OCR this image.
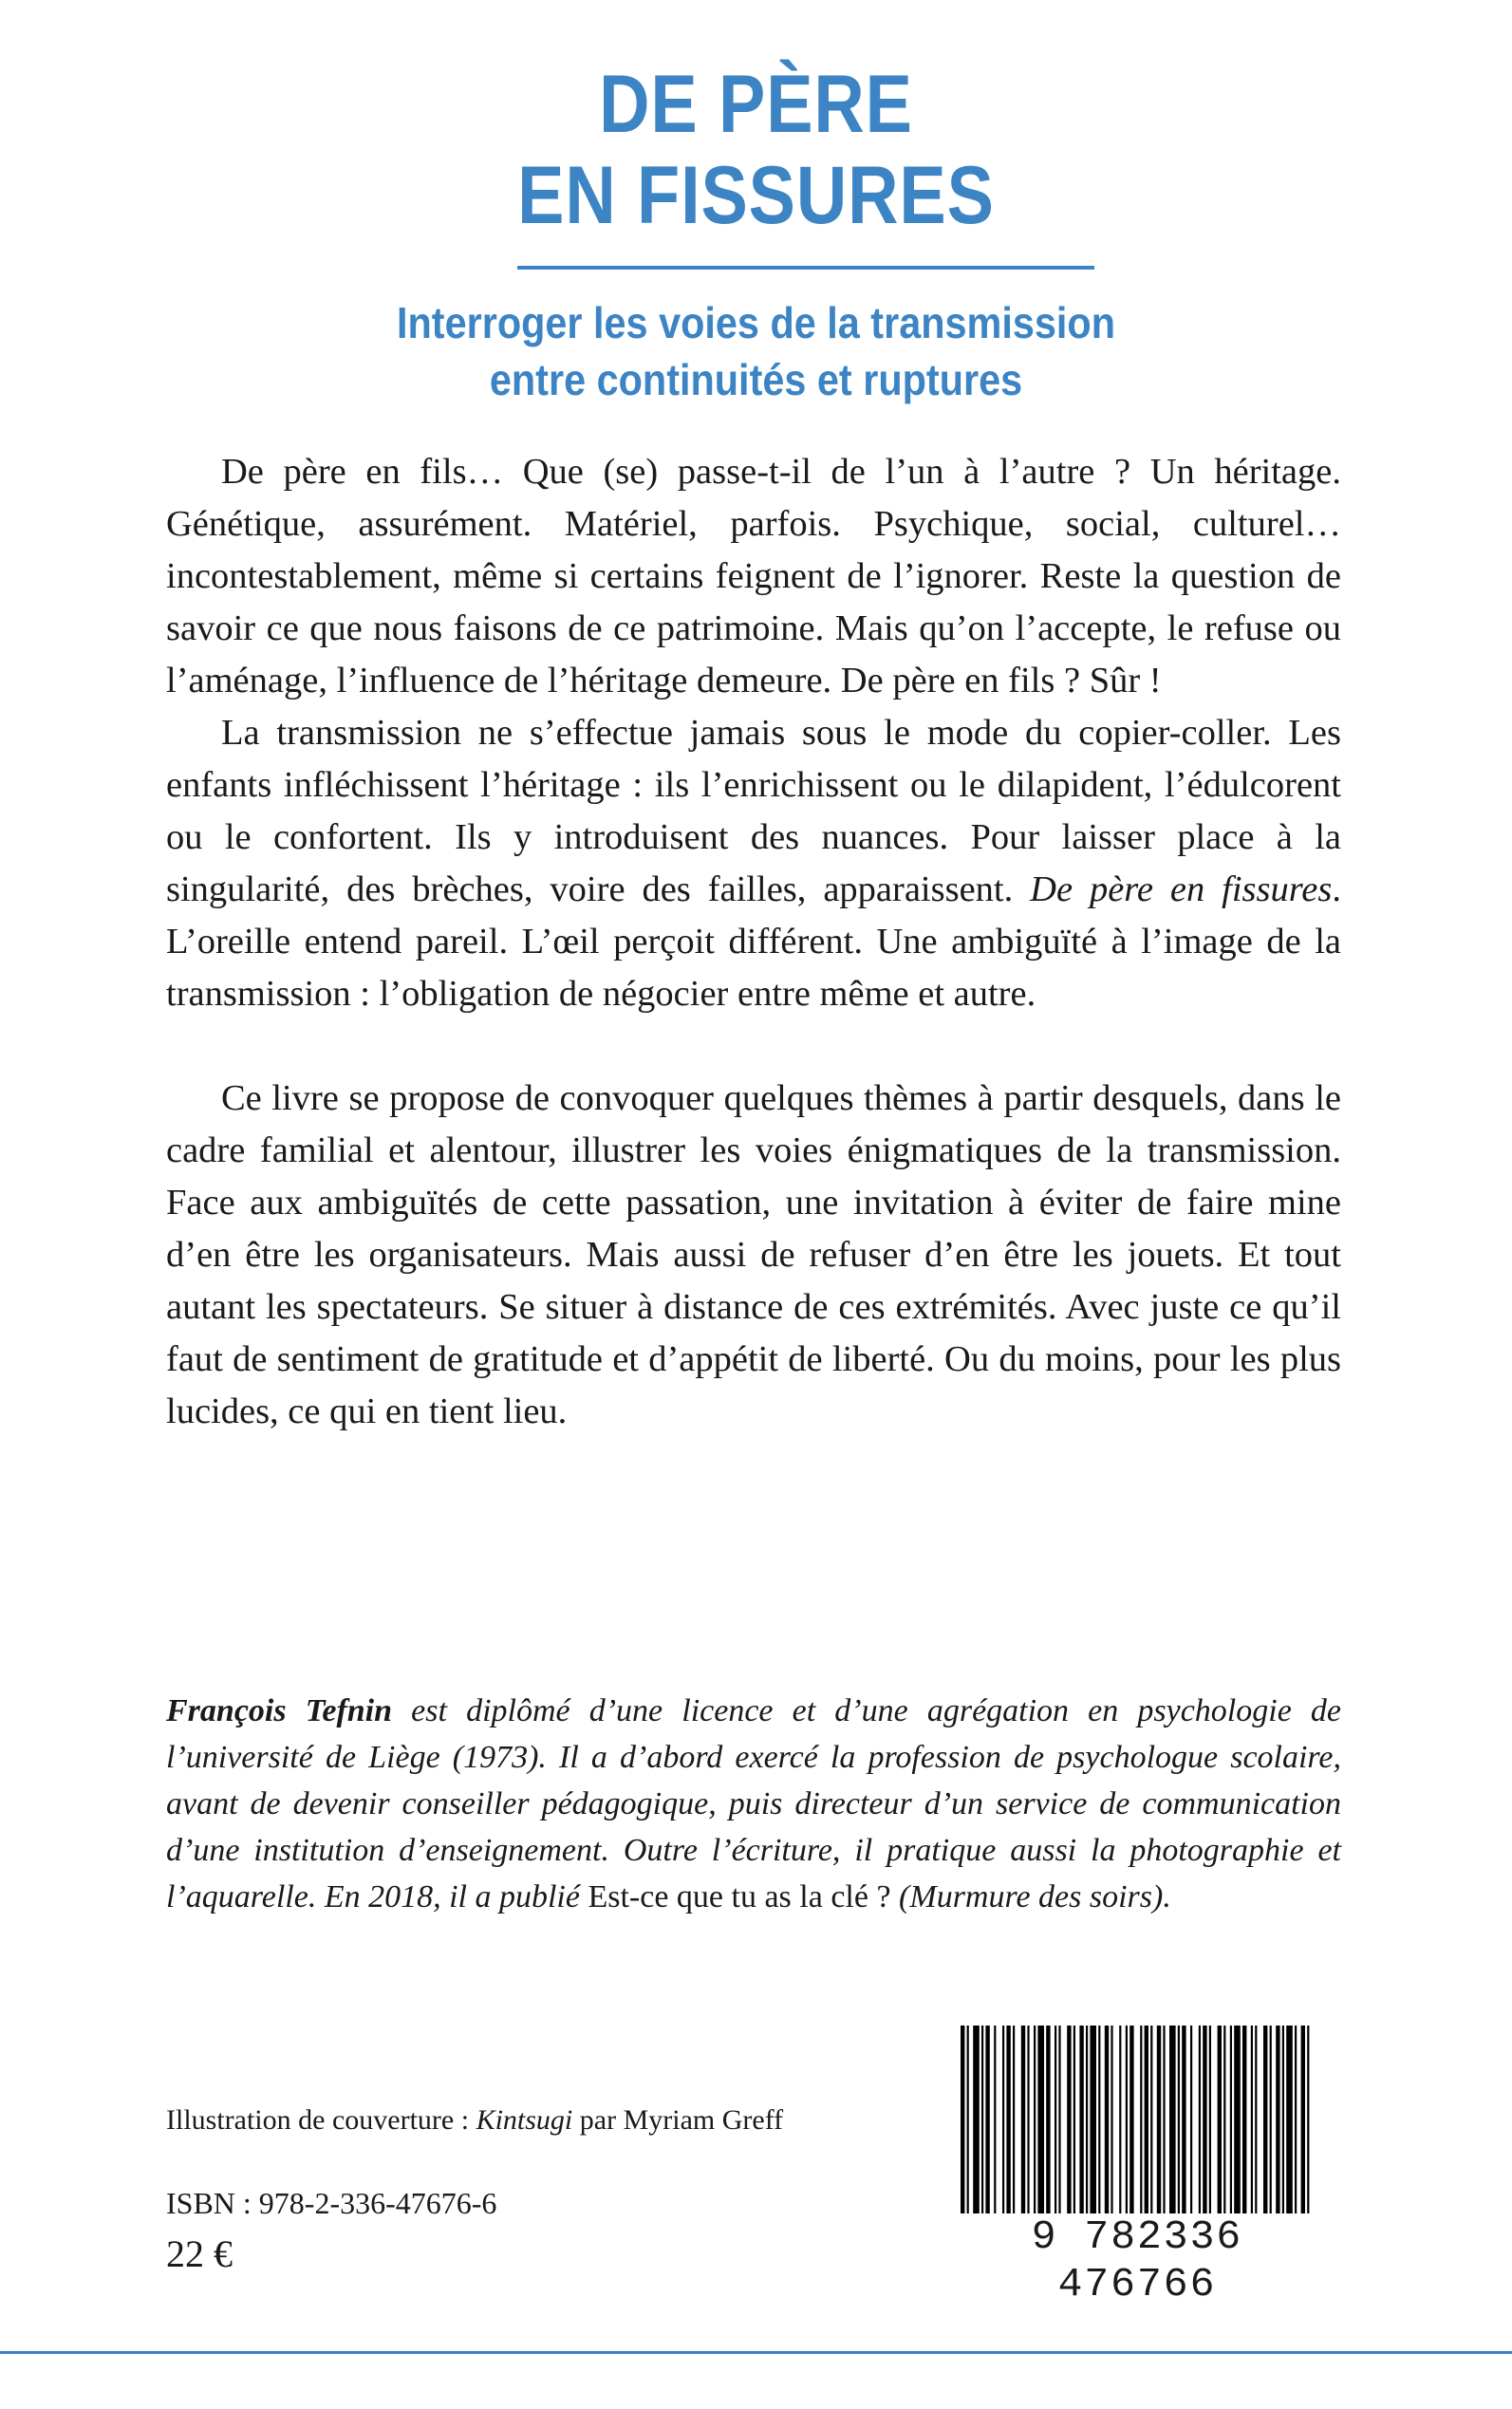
DE PÈRE
EN FISSURES
Interroger les voies de la transmission
entre continuités et ruptures

De père en fils… Que (se) passe-t-il de l’un à l’autre ? Un héritage. Génétique, assurément. Matériel, parfois. Psychique, social, culturel… incontestablement, même si certains feignent de l’ignorer. Reste la question de savoir ce que nous faisons de ce patrimoine. Mais qu’on l’accepte, le refuse ou l’aménage, l’influence de l’héritage demeure. De père en fils ? Sûr !

La transmission ne s’effectue jamais sous le mode du copier-coller. Les enfants infléchissent l’héritage : ils l’enrichissent ou le dilapident, l’édulcorent ou le confortent. Ils y introduisent des nuances. Pour laisser place à la singularité, des brèches, voire des failles, apparaissent. De père en fissures. L’oreille entend pareil. L’œil perçoit différent. Une ambiguïté à l’image de la transmission : l’obligation de négocier entre même et autre.

Ce livre se propose de convoquer quelques thèmes à partir desquels, dans le cadre familial et alentour, illustrer les voies énigmatiques de la transmission. Face aux ambiguïtés de cette passation, une invitation à éviter de faire mine d’en être les organisateurs. Mais aussi de refuser d’en être les jouets. Et tout autant les spectateurs. Se situer à distance de ces extrémités. Avec juste ce qu’il faut de sentiment de gratitude et d’appétit de liberté. Ou du moins, pour les plus lucides, ce qui en tient lieu.

François Tefnin est diplômé d’une licence et d’une agrégation en psychologie de l’université de Liège (1973). Il a d’abord exercé la profession de psychologue scolaire, avant de devenir conseiller pédagogique, puis directeur d’un service de communication d’une institution d’enseignement. Outre l’écriture, il pratique aussi la photographie et l’aquarelle. En 2018, il a publié Est-ce que tu as la clé ? (Murmure des soirs).

Illustration de couverture : Kintsugi par Myriam Greff
ISBN : 978-2-336-47676-6
22 €	9 782336 476766
